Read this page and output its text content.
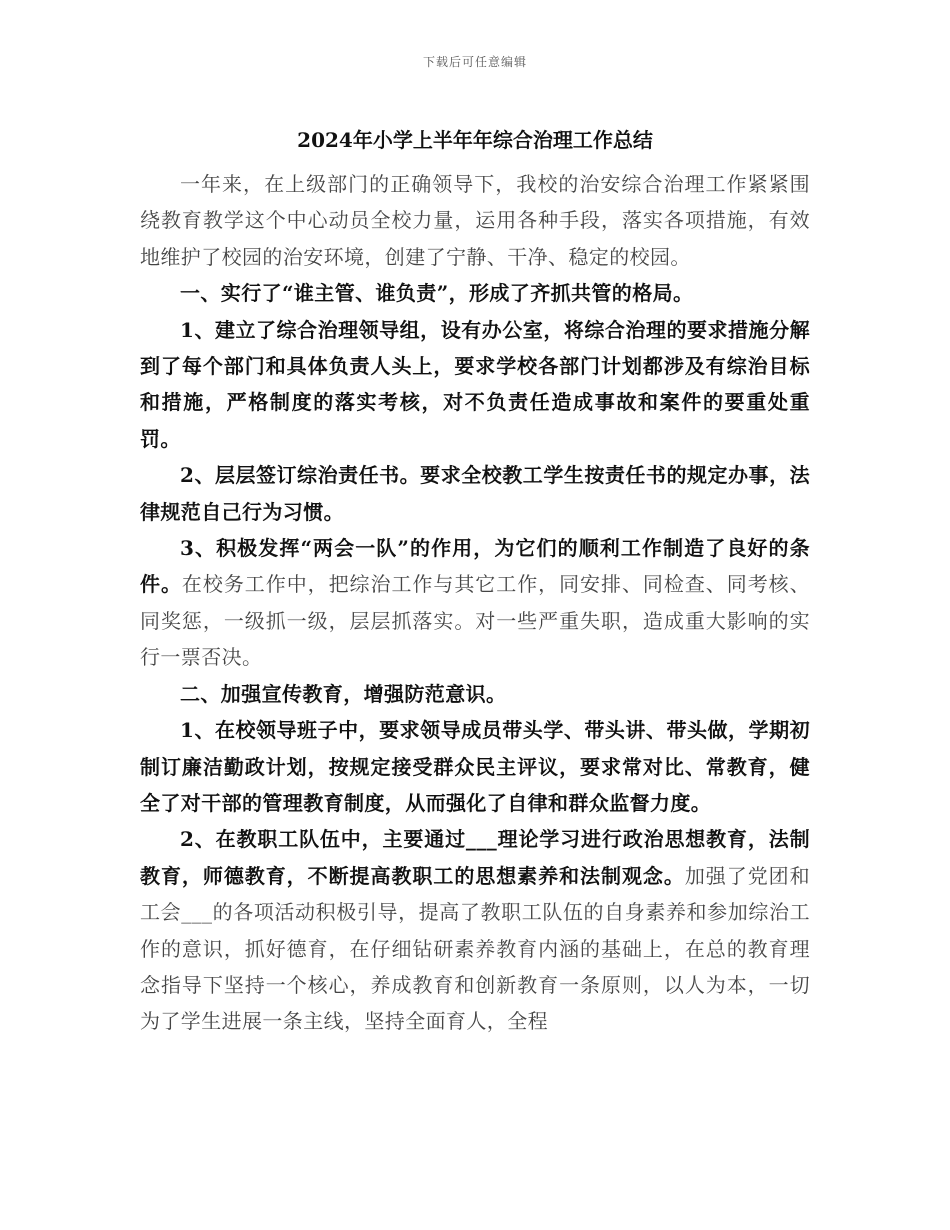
下载后可任意编辑
2024年小学上半年年综合治理工作总结

一年来，在上级部门的正确领导下，我校的治安综合治理工作紧紧围绕教育教学这个中心动员全校力量，运用各种手段，落实各项措施，有效地维护了校园的治安环境，创建了宁静、干净、稳定的校园。

一、实行了“谁主管、谁负责”，形成了齐抓共管的格局。

1、建立了综合治理领导组，设有办公室，将综合治理的要求措施分解到了每个部门和具体负责人头上，要求学校各部门计划都涉及有综治目标和措施，严格制度的落实考核，对不负责任造成事故和案件的要重处重罚。

2、层层签订综治责任书。要求全校教工学生按责任书的规定办事，法律规范自己行为习惯。

3、积极发挥“两会一队”的作用，为它们的顺利工作制造了良好的条件。在校务工作中，把综治工作与其它工作，同安排、同检查、同考核、同奖惩，一级抓一级，层层抓落实。对一些严重失职，造成重大影响的实行一票否决。

二、加强宣传教育，增强防范意识。

1、在校领导班子中，要求领导成员带头学、带头讲、带头做，学期初制订廉洁勤政计划，按规定接受群众民主评议，要求常对比、常教育，健全了对干部的管理教育制度，从而强化了自律和群众监督力度。

2、在教职工队伍中，主要通过___理论学习进行政治思想教育，法制教育，师德教育，不断提高教职工的思想素养和法制观念。加强了党团和工会___的各项活动积极引导，提高了教职工队伍的自身素养和参加综治工作的意识，抓好德育，在仔细钻研素养教育内涵的基础上，在总的教育理念指导下坚持一个核心，养成教育和创新教育一条原则，以人为本，一切为了学生进展一条主线，坚持全面育人，全程
